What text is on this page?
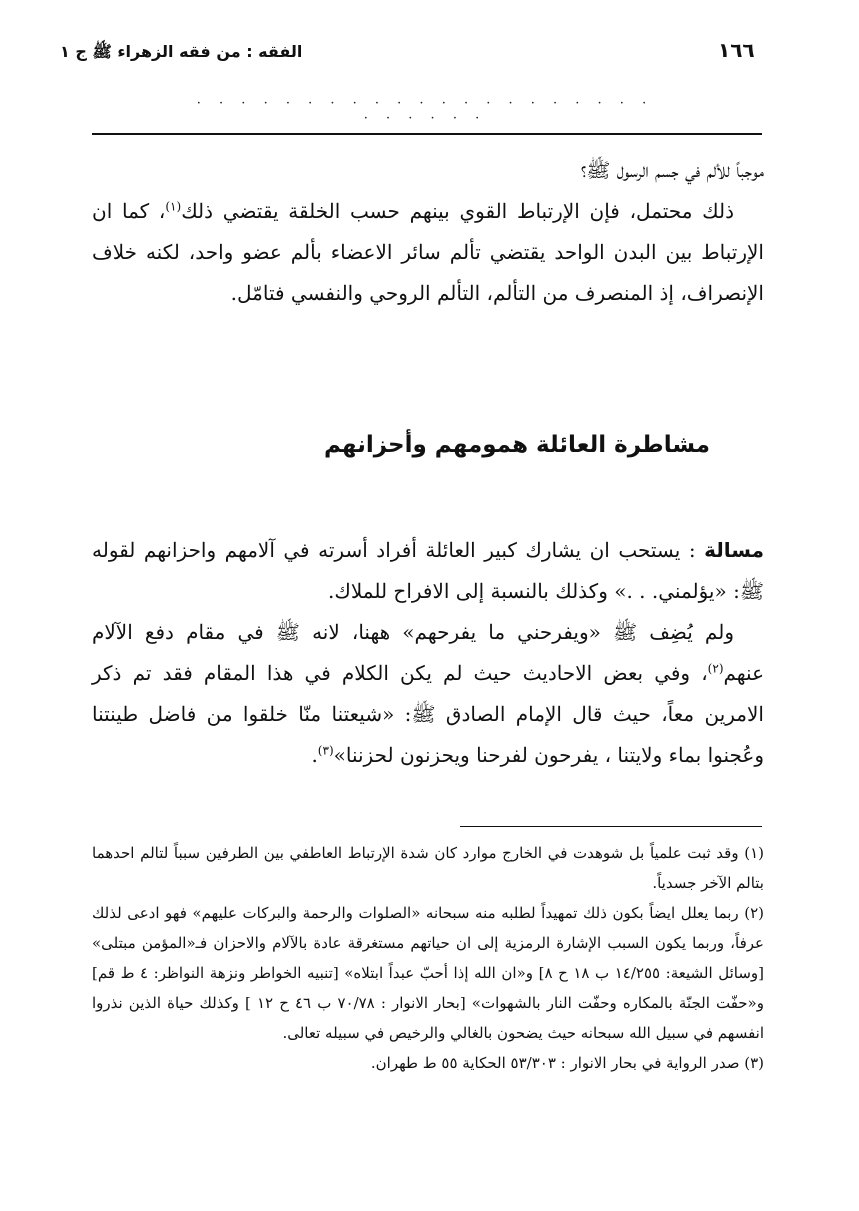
١٦٦
الفقه : من فقه الزهراء ﷺ ج ١
· · · · · · · · · · · · · · · · · · · · · · · · · · ·

موجباً للألم في جسم الرسول ﷺ؟

ذلك محتمل، فإن الإرتباط القوي بينهم حسب الخلقة يقتضي ذلك$^{(١)}$، كما ان الإرتباط بين البدن الواحد يقتضي تألم سائر الاعضاء بألم عضو واحد، لكنه خلاف الإنصراف، إذ المنصرف من التألم، التألم الروحي والنفسي فتامّل.

مشاطرة العائلة همومهم وأحزانهم

مسالة : يستحب ان يشارك كبير العائلة أفراد أسرته في آلامهم واحزانهم لقوله ﷺ: «يؤلمني. . .» وكذلك بالنسبة إلى الافراح للملاك.

ولم يُضِف ﷺ «ويفرحني ما يفرحهم» ههنا، لانه ﷺ في مقام دفع الآلام عنهم$^{(٢)}$، وفي بعض الاحاديث حيث لم يكن الكلام في هذا المقام فقد تم ذكر الامرين معاً، حيث قال الإمام الصادق ﷺ: «شيعتنا منّا خلقوا من فاضل طينتنا وعُجنوا بماء ولايتنا ، يفرحون لفرحنا ويحزنون لحزننا»$^{(٣)}$.

(١) وقد ثبت علمياً بل شوهدت في الخارج موارد كان شدة الإرتباط العاطفي بين الطرفين سبباً لتالم احدهما بتالم الآخر جسدياً.

(٢) ربما يعلل ايضاً بكون ذلك تمهيداً لطلبه منه سبحانه «الصلوات والرحمة والبركات عليهم» فهو ادعى لذلك عرفاً، وربما يكون السبب الإشارة الرمزية إلى ان حياتهم مستغرقة عادة بالآلام والاحزان فـ«المؤمن مبتلى» [وسائل الشيعة: ١٤/٢٥٥ ب ١٨ ح ٨] و«ان الله إذا أحبّ عبداً ابتلاه» [تنبيه الخواطر ونزهة النواظر: ٤ ط قم] و«حفّت الجنّة بالمكاره وحفّت النار بالشهوات» [بحار الانوار : ٧٠/٧٨ ب ٤٦ ح ١٢ ] وكذلك حياة الذين نذروا انفسهم في سبيل الله سبحانه حيث يضحون بالغالي والرخيص في سبيله تعالى.

(٣) صدر الرواية في بحار الانوار : ٥٣/٣٠٣ الحكاية ٥٥ ط طهران.
